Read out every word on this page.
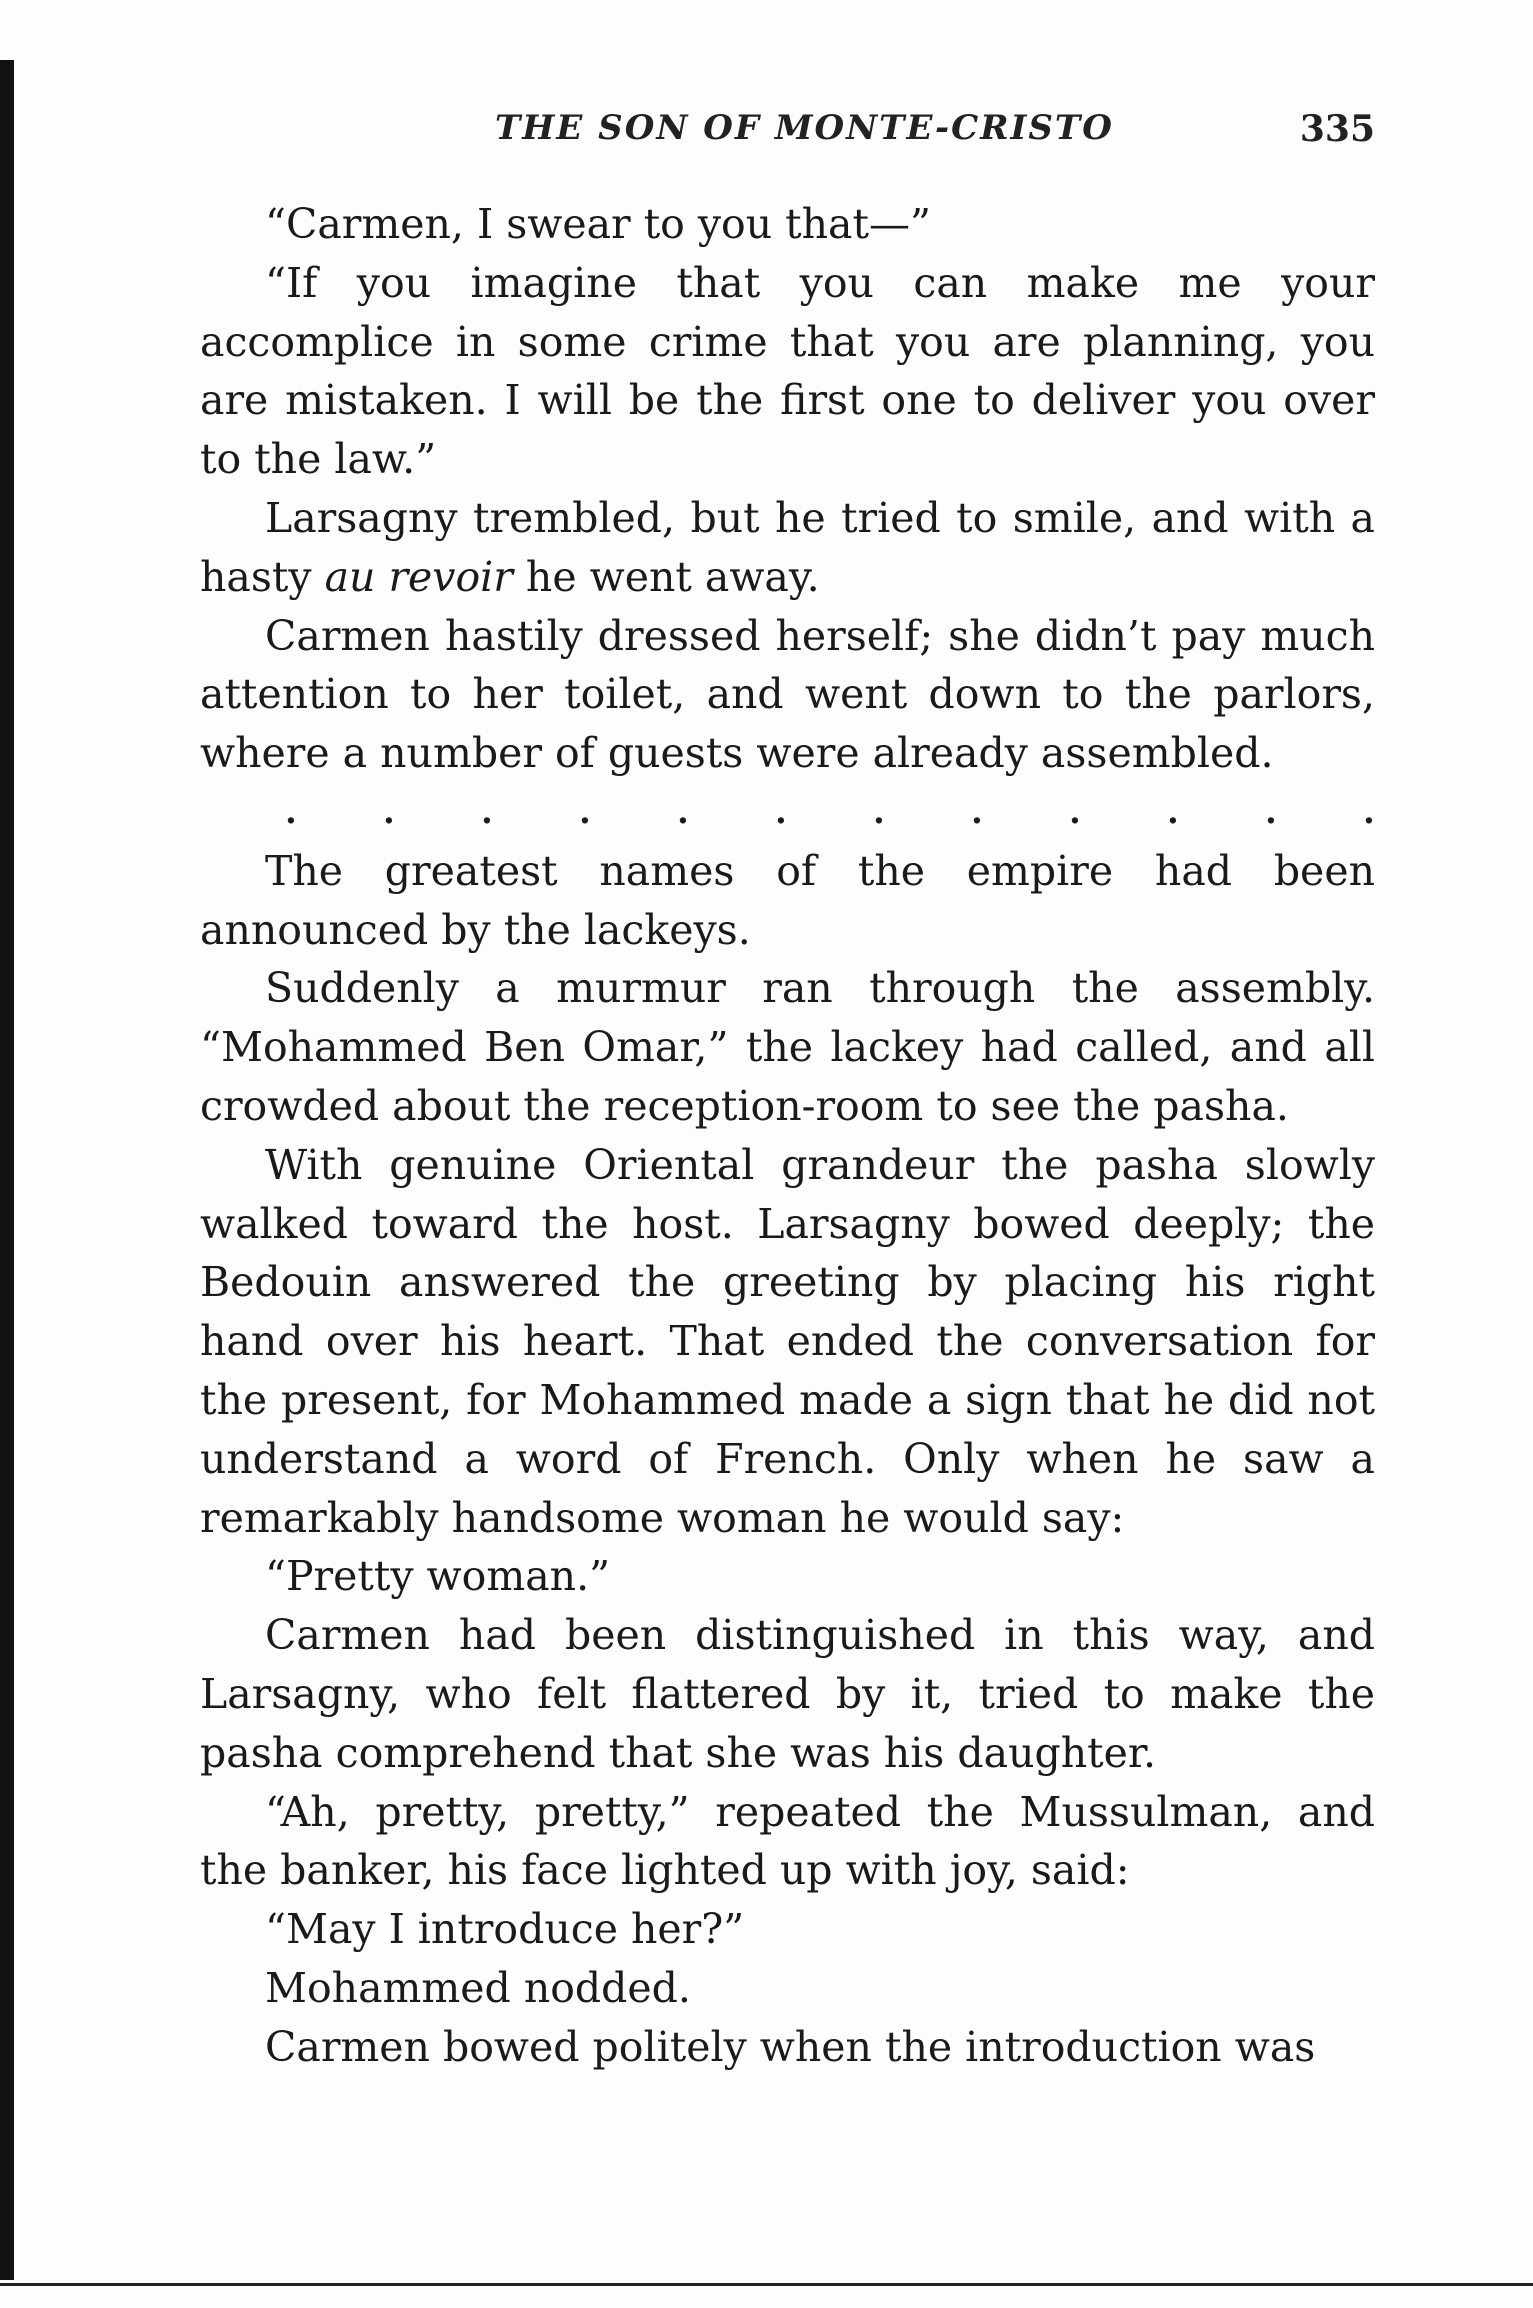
THE SON OF MONTE-CRISTO	335

“Carmen, I swear to you that—”

“If you imagine that you can make me your accomplice in some crime that you are planning, you are mistaken. I will be the first one to deliver you over to the law.”

Larsagny trembled, but he tried to smile, and with a hasty au revoir he went away.

Carmen hastily dressed herself; she didn’t pay much attention to her toilet, and went down to the parlors, where a number of guests were already assembled.

.	.	.	.	.	.	.	.	.	.	.	.

The greatest names of the empire had been announced by the lackeys.

Suddenly a murmur ran through the assembly. “Mohammed Ben Omar,” the lackey had called, and all crowded about the reception-room to see the pasha.

With genuine Oriental grandeur the pasha slowly walked toward the host. Larsagny bowed deeply; the Bedouin answered the greeting by placing his right hand over his heart. That ended the conversation for the present, for Mohammed made a sign that he did not understand a word of French. Only when he saw a remarkably handsome woman he would say:

“Pretty woman.”

Carmen had been distinguished in this way, and Larsagny, who felt flattered by it, tried to make the pasha comprehend that she was his daughter.

“Ah, pretty, pretty,” repeated the Mussulman, and the banker, his face lighted up with joy, said:

“May I introduce her?”

Mohammed nodded.

Carmen bowed politely when the introduction was
